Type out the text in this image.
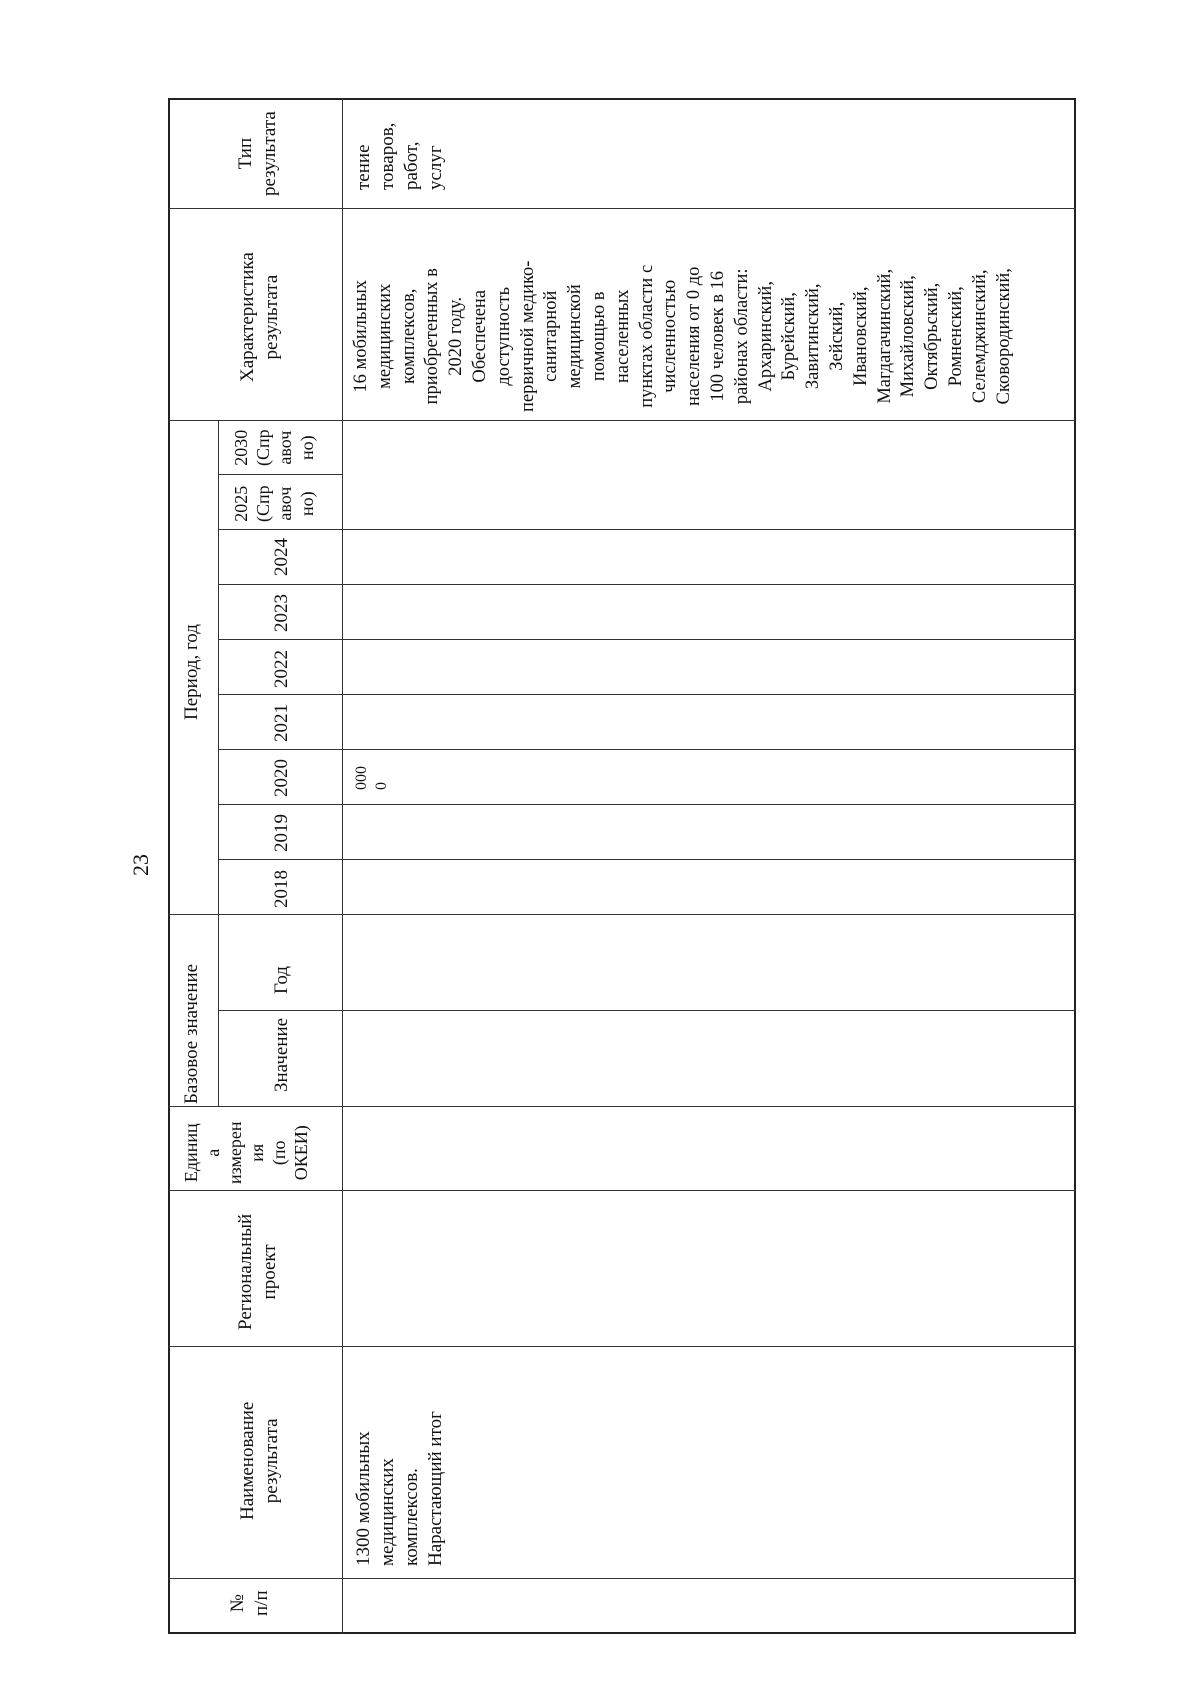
23
Тип
результата
Характеристика
результата
Период, год
2030
(Спр
авоч
но)
2025
(Спр
авоч
но)
2024
2023
2022
2021
2020
2019
2018
Базовое значение	Год
Значение
Единиц
а
измерен
ия
(по
ОКЕИ)
Региональный
проект
Наименование
результата
№
п/п
тение
товаров,
работ,
услуг
16 мобильных
медицинских
комплексов,
приобретенных в
2020 году.
Обеспечена
доступность
первичной медико-
санитарной
медицинской
помощью в
населенных
пунктах области с
численностью
населения от 0 до
100 человек в 16
районах области:
Архаринский,
Бурейский,
Завитинский,
Зейский,
Ивановский,
Магдагачинский,
Михайловский,
Октябрьский,
Ромненский,
Селемджинский,
Сковородинский,
000
0
1300 мобильных
медицинских
комплексов.
Нарастающий итог
